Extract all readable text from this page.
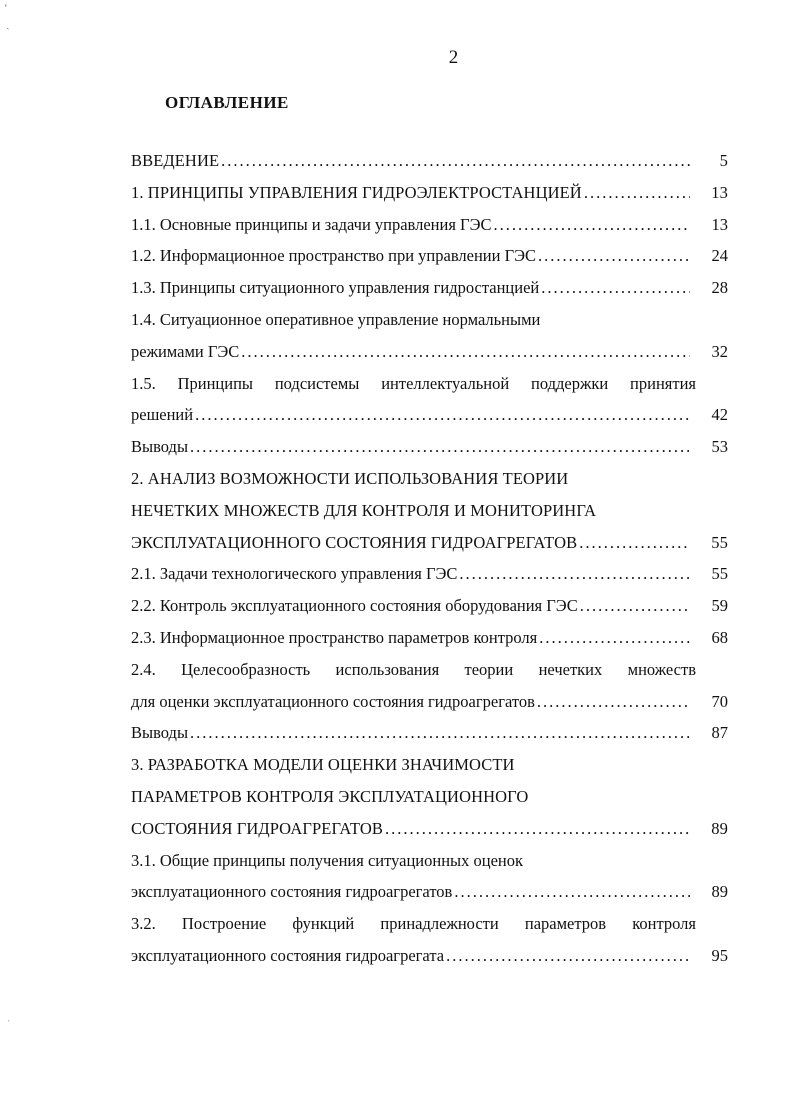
ʻ
ˏ
ˌ
2
ОГЛАВЛЕНИЕ
ВВЕДЕНИЕ .....	5
1. ПРИНЦИПЫ УПРАВЛЕНИЯ ГИДРОЭЛЕКТРОСТАНЦИЕЙ .....	13
1.1. Основные принципы и задачи управления ГЭС .....	13
1.2. Информационное пространство при управлении ГЭС .....	24
1.3. Принципы ситуационного управления гидростанцией .....	28
1.4. Ситуационное оперативное управление нормальными
режимами ГЭС .....	32
1.5. Принципы подсистемы интеллектуальной поддержки принятия
решений .....	42
Выводы .....	53
2. АНАЛИЗ ВОЗМОЖНОСТИ ИСПОЛЬЗОВАНИЯ ТЕОРИИ
НЕЧЕТКИХ МНОЖЕСТВ ДЛЯ КОНТРОЛЯ И МОНИТОРИНГА
ЭКСПЛУАТАЦИОННОГО СОСТОЯНИЯ ГИДРОАГРЕГАТОВ .....	55
2.1. Задачи технологического управления ГЭС .....	55
2.2. Контроль эксплуатационного состояния оборудования ГЭС .....	59
2.3. Информационное пространство параметров контроля .....	68
2.4. Целесообразность использования теории нечетких множеств
для оценки эксплуатационного состояния гидроагрегатов .....	70
Выводы .....	87
3. РАЗРАБОТКА МОДЕЛИ ОЦЕНКИ ЗНАЧИМОСТИ
ПАРАМЕТРОВ КОНТРОЛЯ ЭКСПЛУАТАЦИОННОГО
СОСТОЯНИЯ ГИДРОАГРЕГАТОВ .....	89
3.1. Общие принципы получения ситуационных оценок
эксплуатационного состояния гидроагрегатов .....	89
3.2. Построение функций принадлежности параметров контроля
эксплуатационного состояния гидроагрегата .....	95
